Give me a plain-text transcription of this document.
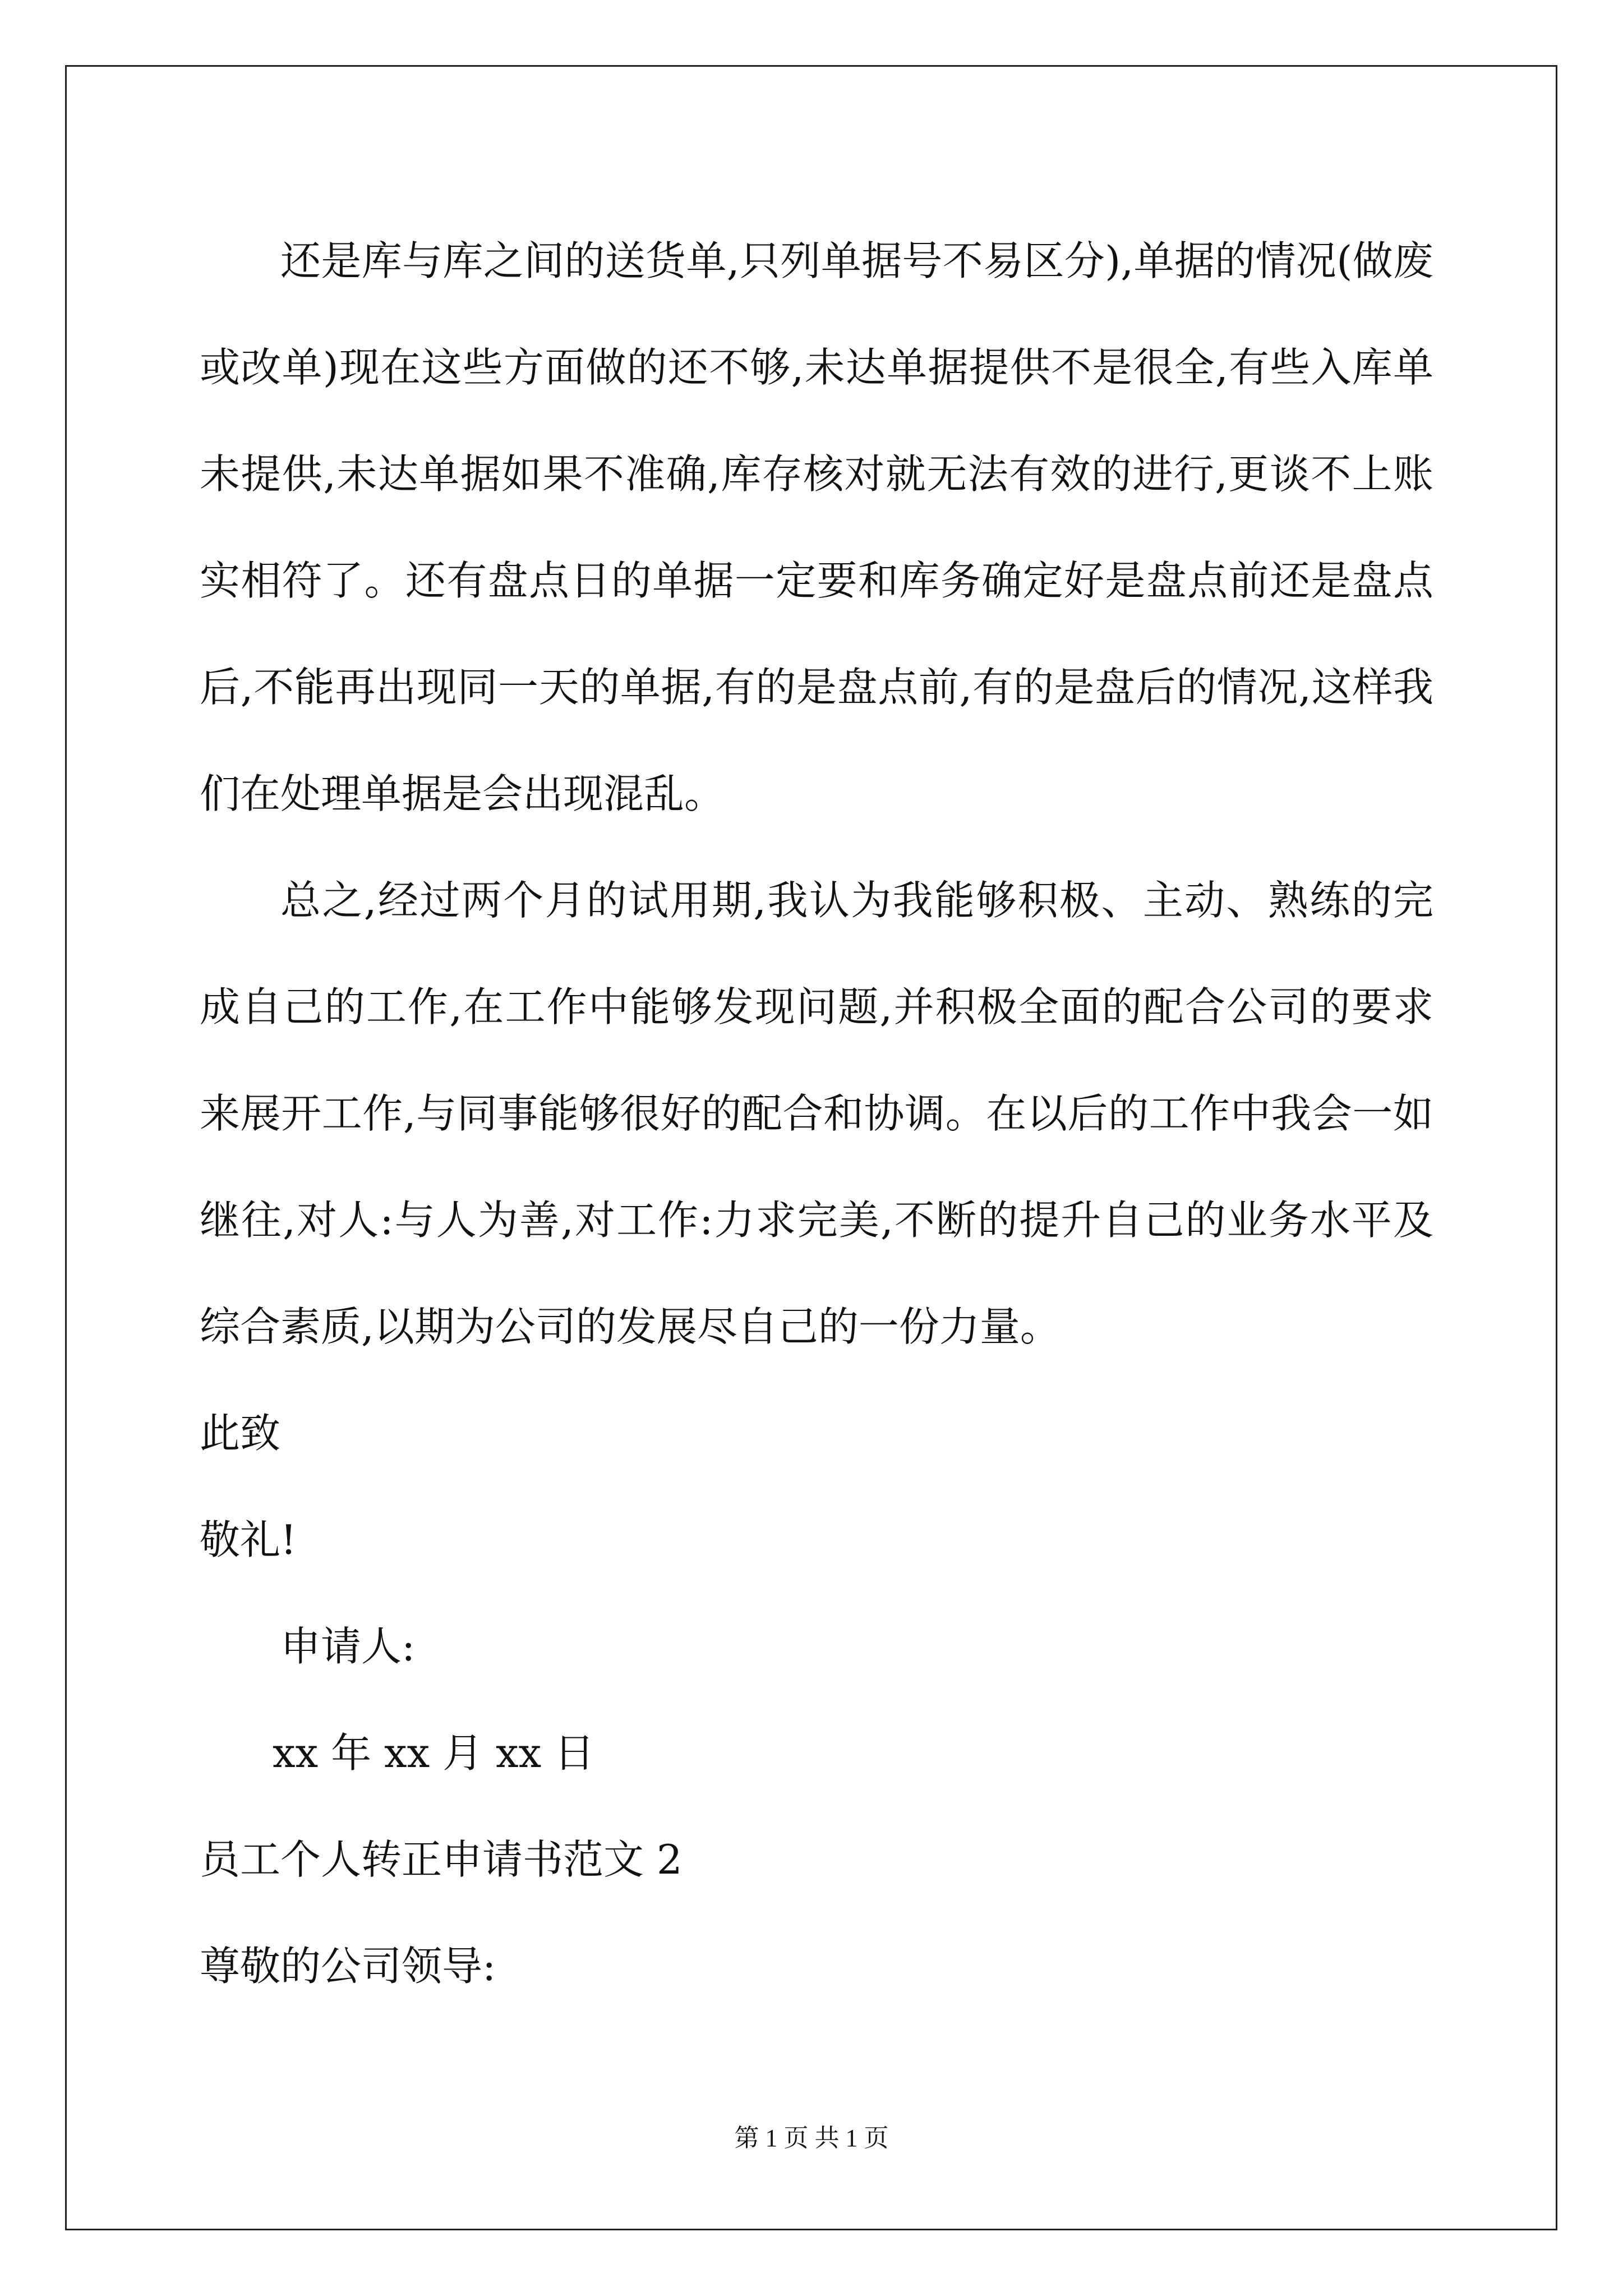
还是库与库之间的送货单,只列单据号不易区分),单据的情况(做废或改单)现在这些方面做的还不够,未达单据提供不是很全,有些入库单未提供,未达单据如果不准确,库存核对就无法有效的进行,更谈不上账实相符了。还有盘点日的单据一定要和库务确定好是盘点前还是盘点后,不能再出现同一天的单据,有的是盘点前,有的是盘后的情况,这样我们在处理单据是会出现混乱。

总之,经过两个月的试用期,我认为我能够积极、主动、熟练的完成自己的工作,在工作中能够发现问题,并积极全面的配合公司的要求来展开工作,与同事能够很好的配合和协调。在以后的工作中我会一如继往,对人:与人为善,对工作:力求完美,不断的提升自己的业务水平及综合素质,以期为公司的发展尽自己的一份力量。

此致

敬礼!

申请人:

xx 年 xx 月 xx 日

员工个人转正申请书范文 2

尊敬的公司领导:

第 1 页 共 1 页
